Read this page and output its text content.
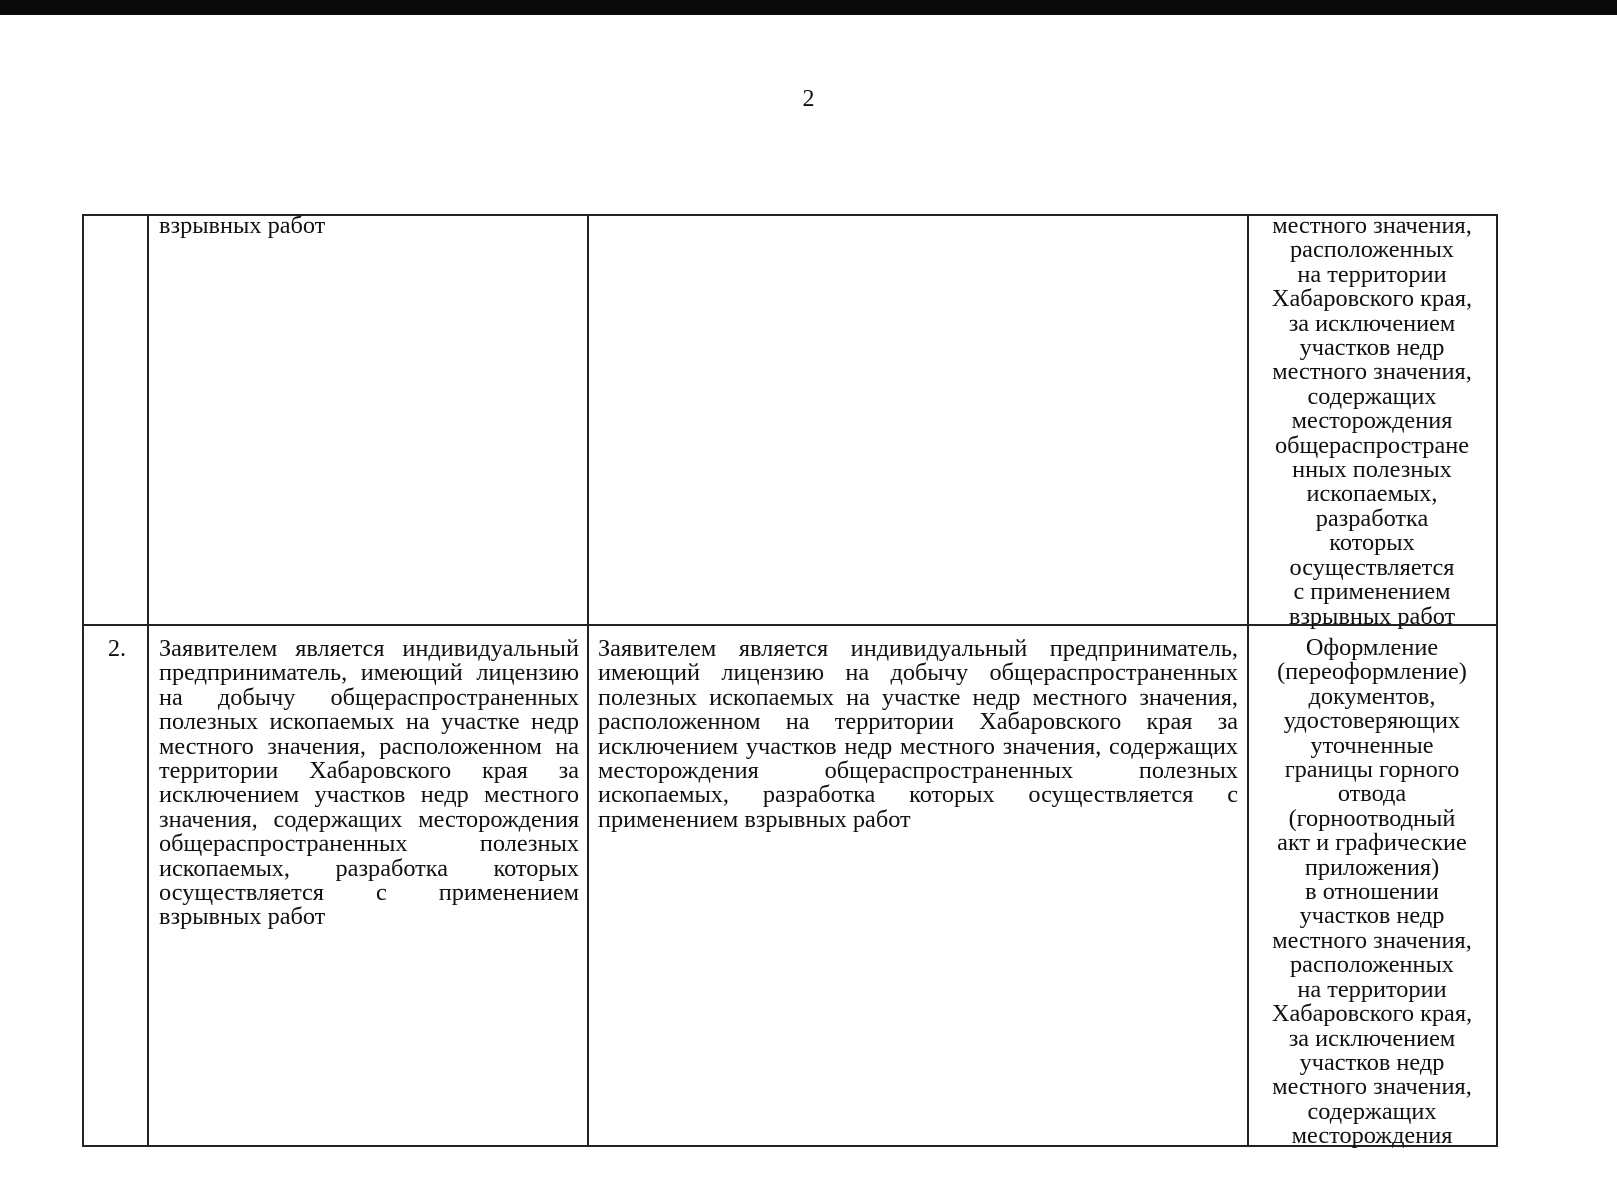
2
взрывных работ	местного значения,
расположенных
на территории
Хабаровского края,
за исключением
участков недр
местного значения,
содержащих
месторождения
общераспростране
нных полезных
ископаемых,
разработка
которых
осуществляется
с применением
взрывных работ
2.	Заявителем является индивидуальный предприниматель, имеющий лицензию на добычу общераспространенных полезных ископаемых на участке недр местного значения, расположенном на территории Хабаровского края за исключением участков недр местного значения, содержащих месторождения общераспространенных полезных ископаемых, разработка которых осуществляется с применением взрывных работ
Заявителем является индивидуальный предприниматель, имеющий лицензию на добычу общераспространенных полезных ископаемых на участке недр местного значения, расположенном на территории Хабаровского края за исключением участков недр местного значения, содержащих месторождения общераспространенных полезных ископаемых, разработка которых осуществляется с применением взрывных работ
Оформление
(переоформление)
документов,
удостоверяющих
уточненные
границы горного
отвода
(горноотводный
акт и графические
приложения)
в отношении
участков недр
местного значения,
расположенных
на территории
Хабаровского края,
за исключением
участков недр
местного значения,
содержащих
месторождения
